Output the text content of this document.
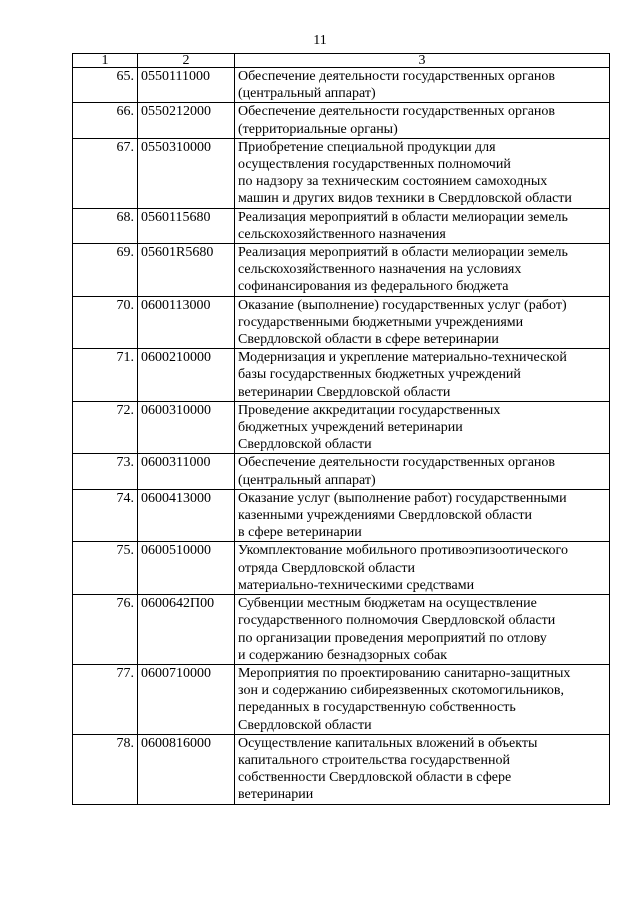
11
1	2	3
65.	0550111000	Обеспечение деятельности государственных органов
(центральный аппарат)

66.	0550212000	Обеспечение деятельности государственных органов
(территориальные органы)

67.	0550310000	Приобретение специальной продукции для
осуществления государственных полномочий
по надзору за техническим состоянием самоходных
машин и других видов техники в Свердловской области

68.	0560115680	Реализация мероприятий в области мелиорации земель
сельскохозяйственного назначения

69.	05601R5680	Реализация мероприятий в области мелиорации земель
сельскохозяйственного назначения на условиях
софинансирования из федерального бюджета

70.	0600113000	Оказание (выполнение) государственных услуг (работ)
государственными бюджетными учреждениями
Свердловской области в сфере ветеринарии

71.	0600210000	Модернизация и укрепление материально-технической
базы государственных бюджетных учреждений
ветеринарии Свердловской области

72.	0600310000	Проведение аккредитации государственных
бюджетных учреждений ветеринарии
Свердловской области

73.	0600311000	Обеспечение деятельности государственных органов
(центральный аппарат)

74.	0600413000	Оказание услуг (выполнение работ) государственными
казенными учреждениями Свердловской области
в сфере ветеринарии

75.	0600510000	Укомплектование мобильного противоэпизоотического
отряда Свердловской области
материально-техническими средствами

76.	0600642П00	Субвенции местным бюджетам на осуществление
государственного полномочия Свердловской области
по организации проведения мероприятий по отлову
и содержанию безнадзорных собак

77.	0600710000	Мероприятия по проектированию санитарно-защитных
зон и содержанию сибиреязвенных скотомогильников,
переданных в государственную собственность
Свердловской области

78.	0600816000	Осуществление капитальных вложений в объекты
капитального строительства государственной
собственности Свердловской области в сфере
ветеринарии
